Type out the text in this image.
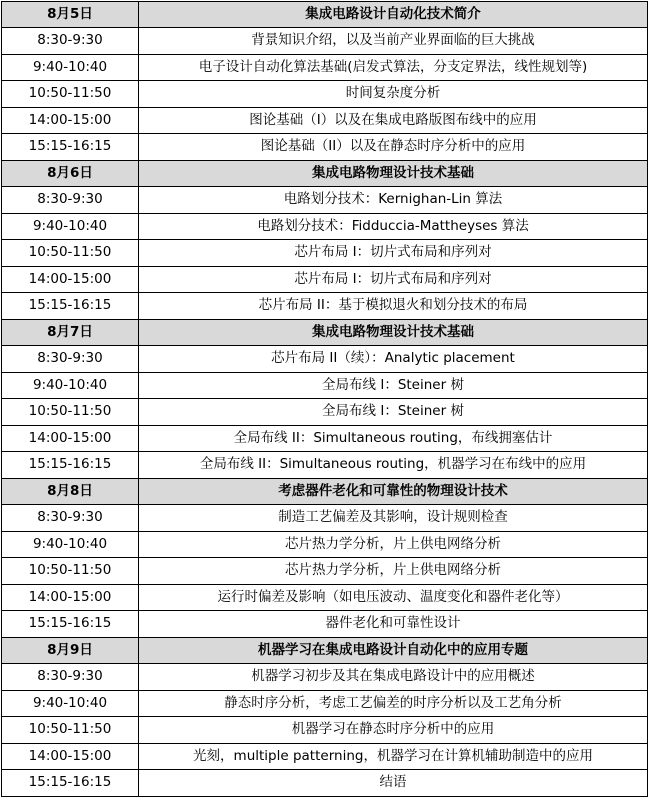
8月5日	集成电路设计自动化技术简介
8:30-9:30	背景知识介绍，以及当前产业界面临的巨大挑战
9:40-10:40	电子设计自动化算法基础(启发式算法，分支定界法，线性规划等)
10:50-11:50	时间复杂度分析
14:00-15:00	图论基础（I）以及在集成电路版图布线中的应用
15:15-16:15	图论基础（II）以及在静态时序分析中的应用
8月6日	集成电路物理设计技术基础
8:30-9:30	电路划分技术：Kernighan-Lin 算法
9:40-10:40	电路划分技术：Fidduccia-Mattheyses 算法
10:50-11:50	芯片布局 I：切片式布局和序列对
14:00-15:00	芯片布局 I：切片式布局和序列对
15:15-16:15	芯片布局 II：基于模拟退火和划分技术的布局
8月7日	集成电路物理设计技术基础
8:30-9:30	芯片布局 II（续）：Analytic placement
9:40-10:40	全局布线 I：Steiner 树
10:50-11:50	全局布线 I：Steiner 树
14:00-15:00	全局布线 II：Simultaneous routing，布线拥塞估计
15:15-16:15	全局布线 II：Simultaneous routing，机器学习在布线中的应用
8月8日	考虑器件老化和可靠性的物理设计技术
8:30-9:30	制造工艺偏差及其影响，设计规则检查
9:40-10:40	芯片热力学分析，片上供电网络分析
10:50-11:50	芯片热力学分析，片上供电网络分析
14:00-15:00	运行时偏差及影响（如电压波动、温度变化和器件老化等）
15:15-16:15	器件老化和可靠性设计
8月9日	机器学习在集成电路设计自动化中的应用专题
8:30-9:30	机器学习初步及其在集成电路设计中的应用概述
9:40-10:40	静态时序分析，考虑工艺偏差的时序分析以及工艺角分析
10:50-11:50	机器学习在静态时序分析中的应用
14:00-15:00	光刻，multiple patterning，机器学习在计算机辅助制造中的应用
15:15-16:15	结语
